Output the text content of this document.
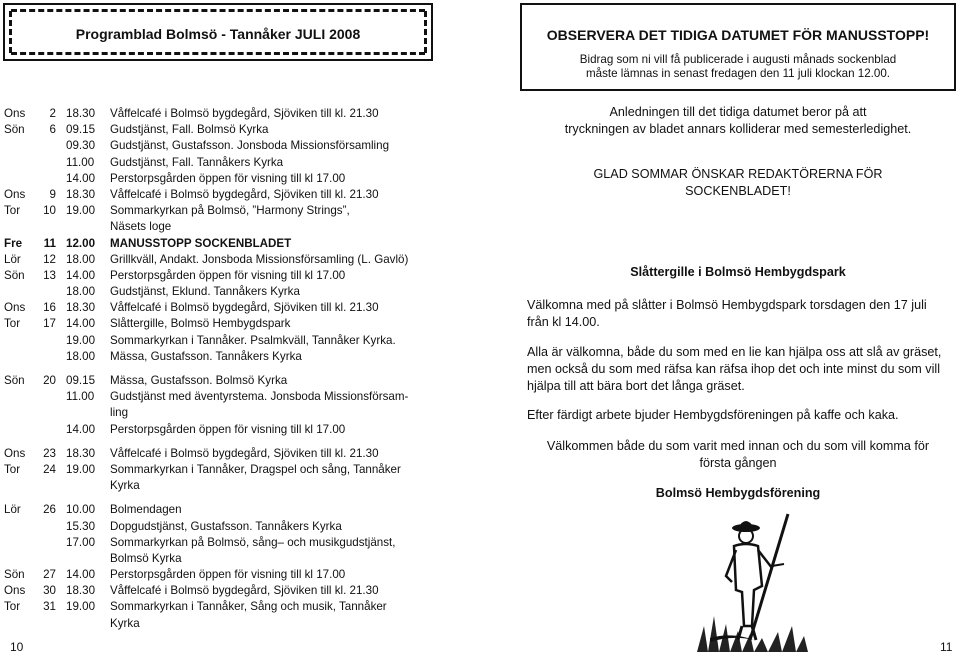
Programblad Bolmsö - Tannåker JULI 2008
Ons	2 18.30	Våffelcafé i Bolmsö bygdegård, Sjöviken till kl. 21.30
Sön	6 09.15	Gudstjänst, Fall. Bolmsö Kyrka
09.30	Gudstjänst, Gustafsson. Jonsboda Missionsförsamling
11.00	Gudstjänst, Fall. Tannåkers Kyrka
14.00	Perstorpsgården öppen för visning till kl 17.00
Ons	9 18.30	Våffelcafé i Bolmsö bygdegård, Sjöviken till kl. 21.30
Tor	10 19.00	Sommarkyrkan på Bolmsö, ”Harmony Strings”,
Näsets loge
Fre	11 12.00	MANUSSTOPP SOCKENBLADET
Lör	12 18.00	Grillkväll, Andakt. Jonsboda Missionsförsamling (L. Gavlö)
Sön	13 14.00	Perstorpsgården öppen för visning till kl 17.00
18.00	Gudstjänst, Eklund. Tannåkers Kyrka
Ons	16 18.30	Våffelcafé i Bolmsö bygdegård, Sjöviken till kl. 21.30
Tor	17 14.00	Slåttergille, Bolmsö Hembygdspark
19.00	Sommarkyrkan i Tannåker. Psalmkväll, Tannåker Kyrka.
18.00	Mässa, Gustafsson. Tannåkers Kyrka
Sön	20 09.15	Mässa, Gustafsson. Bolmsö Kyrka
11.00	Gudstjänst med äventyrstema. Jonsboda Missionsförsam-
ling
14.00	Perstorpsgården öppen för visning till kl 17.00
Ons	23 18.30	Våffelcafé i Bolmsö bygdegård, Sjöviken till kl. 21.30
Tor	24 19.00	Sommarkyrkan i Tannåker, Dragspel och sång, Tannåker
Kyrka
Lör	26 10.00	Bolmendagen
15.30	Dopgudstjänst, Gustafsson. Tannåkers Kyrka
17.00	Sommarkyrkan på Bolmsö, sång– och musikgudstjänst,
Bolmsö Kyrka
Sön	27 14.00	Perstorpsgården öppen för visning till kl 17.00
Ons	30 18.30	Våffelcafé i Bolmsö bygdegård, Sjöviken till kl. 21.30
Tor	31 19.00	Sommarkyrkan i Tannåker, Sång och musik, Tannåker
Kyrka
OBSERVERA DET TIDIGA DATUMET FÖR MANUSSTOPP!
Bidrag som ni vill få publicerade i augusti månads sockenblad
måste lämnas in senast fredagen den 11 juli klockan 12.00.
Anledningen till det tidiga datumet beror på att
tryckningen av bladet annars kolliderar med semesterledighet.
GLAD SOMMAR ÖNSKAR REDAKTÖRERNA FÖR
SOCKENBLADET!
Slåttergille i Bolmsö Hembygdspark
Välkomna med på slåtter i Bolmsö Hembygdspark torsdagen den 17 juli från kl 14.00.
Alla är välkomna, både du som med en lie kan hjälpa oss att slå av gräset, men också du som med räfsa kan räfsa ihop det och inte minst du som vill hjälpa till att bära bort det långa gräset.
Efter färdigt arbete bjuder Hembygdsföreningen på kaffe och kaka.
Välkommen både du som varit med innan och du som vill komma för
första gången
Bolmsö Hembygdsförening
10	11
